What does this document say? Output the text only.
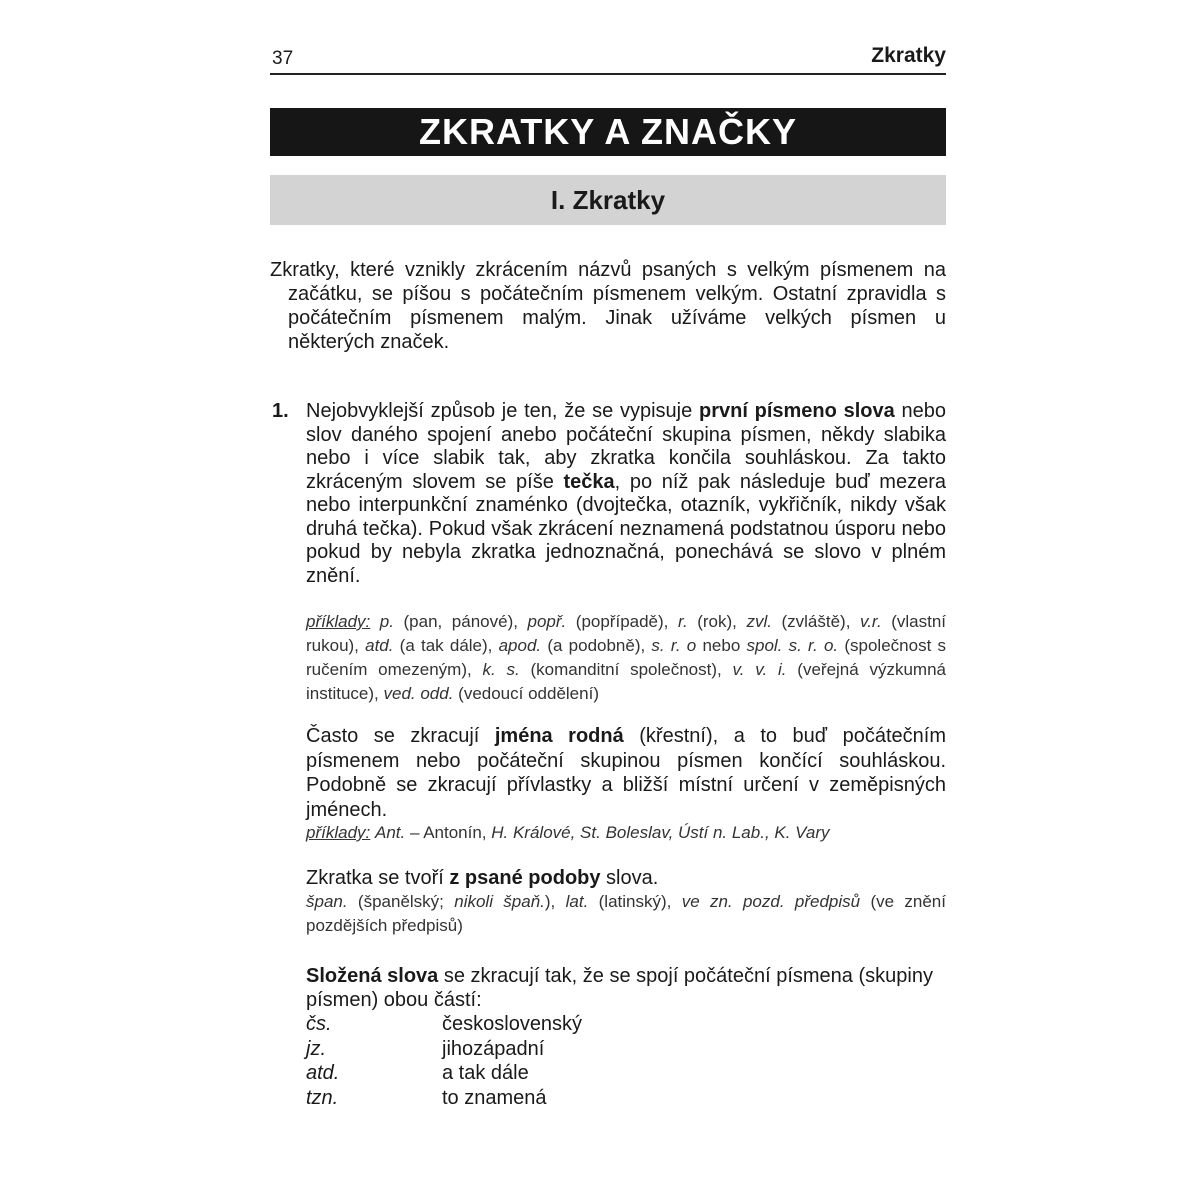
37	Zkratky
ZKRATKY A ZNAČKY
I. Zkratky

Zkratky, které vznikly zkrácením názvů psaných s velkým písmenem na začátku, se píšou s počátečním písmenem velkým. Ostatní zpravidla s počátečním písmenem malým. Jinak užíváme velkých písmen u některých značek.

1. Nejobvyklejší způsob je ten, že se vypisuje první písmeno slova nebo slov daného spojení anebo počáteční skupina písmen, někdy slabika nebo i více slabik tak, aby zkratka končila souhláskou. Za takto zkráceným slovem se píše tečka, po níž pak následuje buď mezera nebo interpunkční znaménko (dvojtečka, otazník, vykřičník, nikdy však druhá tečka). Pokud však zkrácení neznamená podstatnou úsporu nebo pokud by nebyla zkratka jednoznačná, ponechává se slovo v plném znění.

příklady: p. (pan, pánové), popř. (popřípadě), r. (rok), zvl. (zvláště), v.r. (vlastní rukou), atd. (a tak dále), apod. (a podobně), s. r. o nebo spol. s. r. o. (společnost s ručením omezeným), k. s. (komanditní společnost), v. v. i. (veřejná výzkumná instituce), ved. odd. (vedoucí oddělení)
Často se zkracují jména rodná (křestní), a to buď počátečním písmenem nebo počáteční skupinou písmen končící souhláskou. Podobně se zkracují přívlastky a bližší místní určení v zeměpisných jménech.
příklady: Ant. – Antonín, H. Králové, St. Boleslav, Ústí n. Lab., K. Vary
Zkratka se tvoří z psané podoby slova.
špan. (španělský; nikoli špaň.), lat. (latinský), ve zn. pozd. předpisů (ve znění pozdějších předpisů)
Složená slova se zkracují tak, že se spojí počáteční písmena (skupiny písmen) obou částí:
čs.	československý
jz.	jihozápadní
atd.	a tak dále
tzn.	to znamená
